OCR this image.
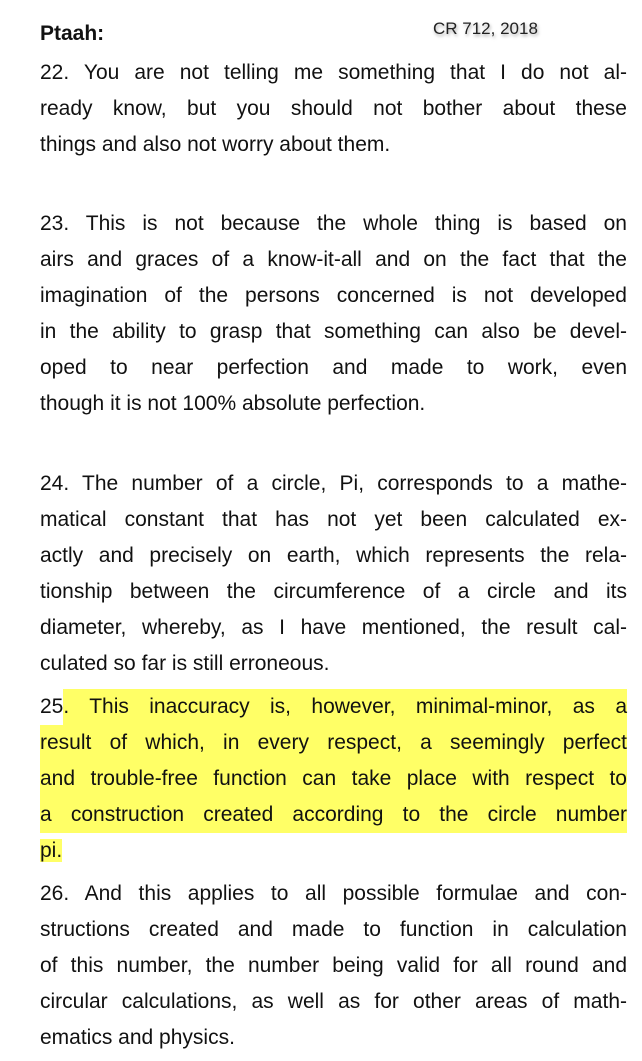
Ptaah:	CR 712, 2018
22. You are not telling me something that I do not al-
ready know, but you should not bother about these
things and also not worry about them.
23. This is not because the whole thing is based on
airs and graces of a know-it-all and on the fact that the
imagination of the persons concerned is not developed
in the ability to grasp that something can also be devel-
oped to near perfection and made to work, even
though it is not 100% absolute perfection.
24. The number of a circle, Pi, corresponds to a mathe-
matical constant that has not yet been calculated ex-
actly and precisely on earth, which represents the rela-
tionship between the circumference of a circle and its
diameter, whereby, as I have mentioned, the result cal-
culated so far is still erroneous.
25 . This inaccuracy is, however, minimal-minor, as a
result of which, in every respect, a seemingly perfect
and trouble-free function can take place with respect to
a construction created according to the circle number
pi.
26. And this applies to all possible formulae and con-
structions created and made to function in calculation
of this number, the number being valid for all round and
circular calculations, as well as for other areas of math-
ematics and physics.
